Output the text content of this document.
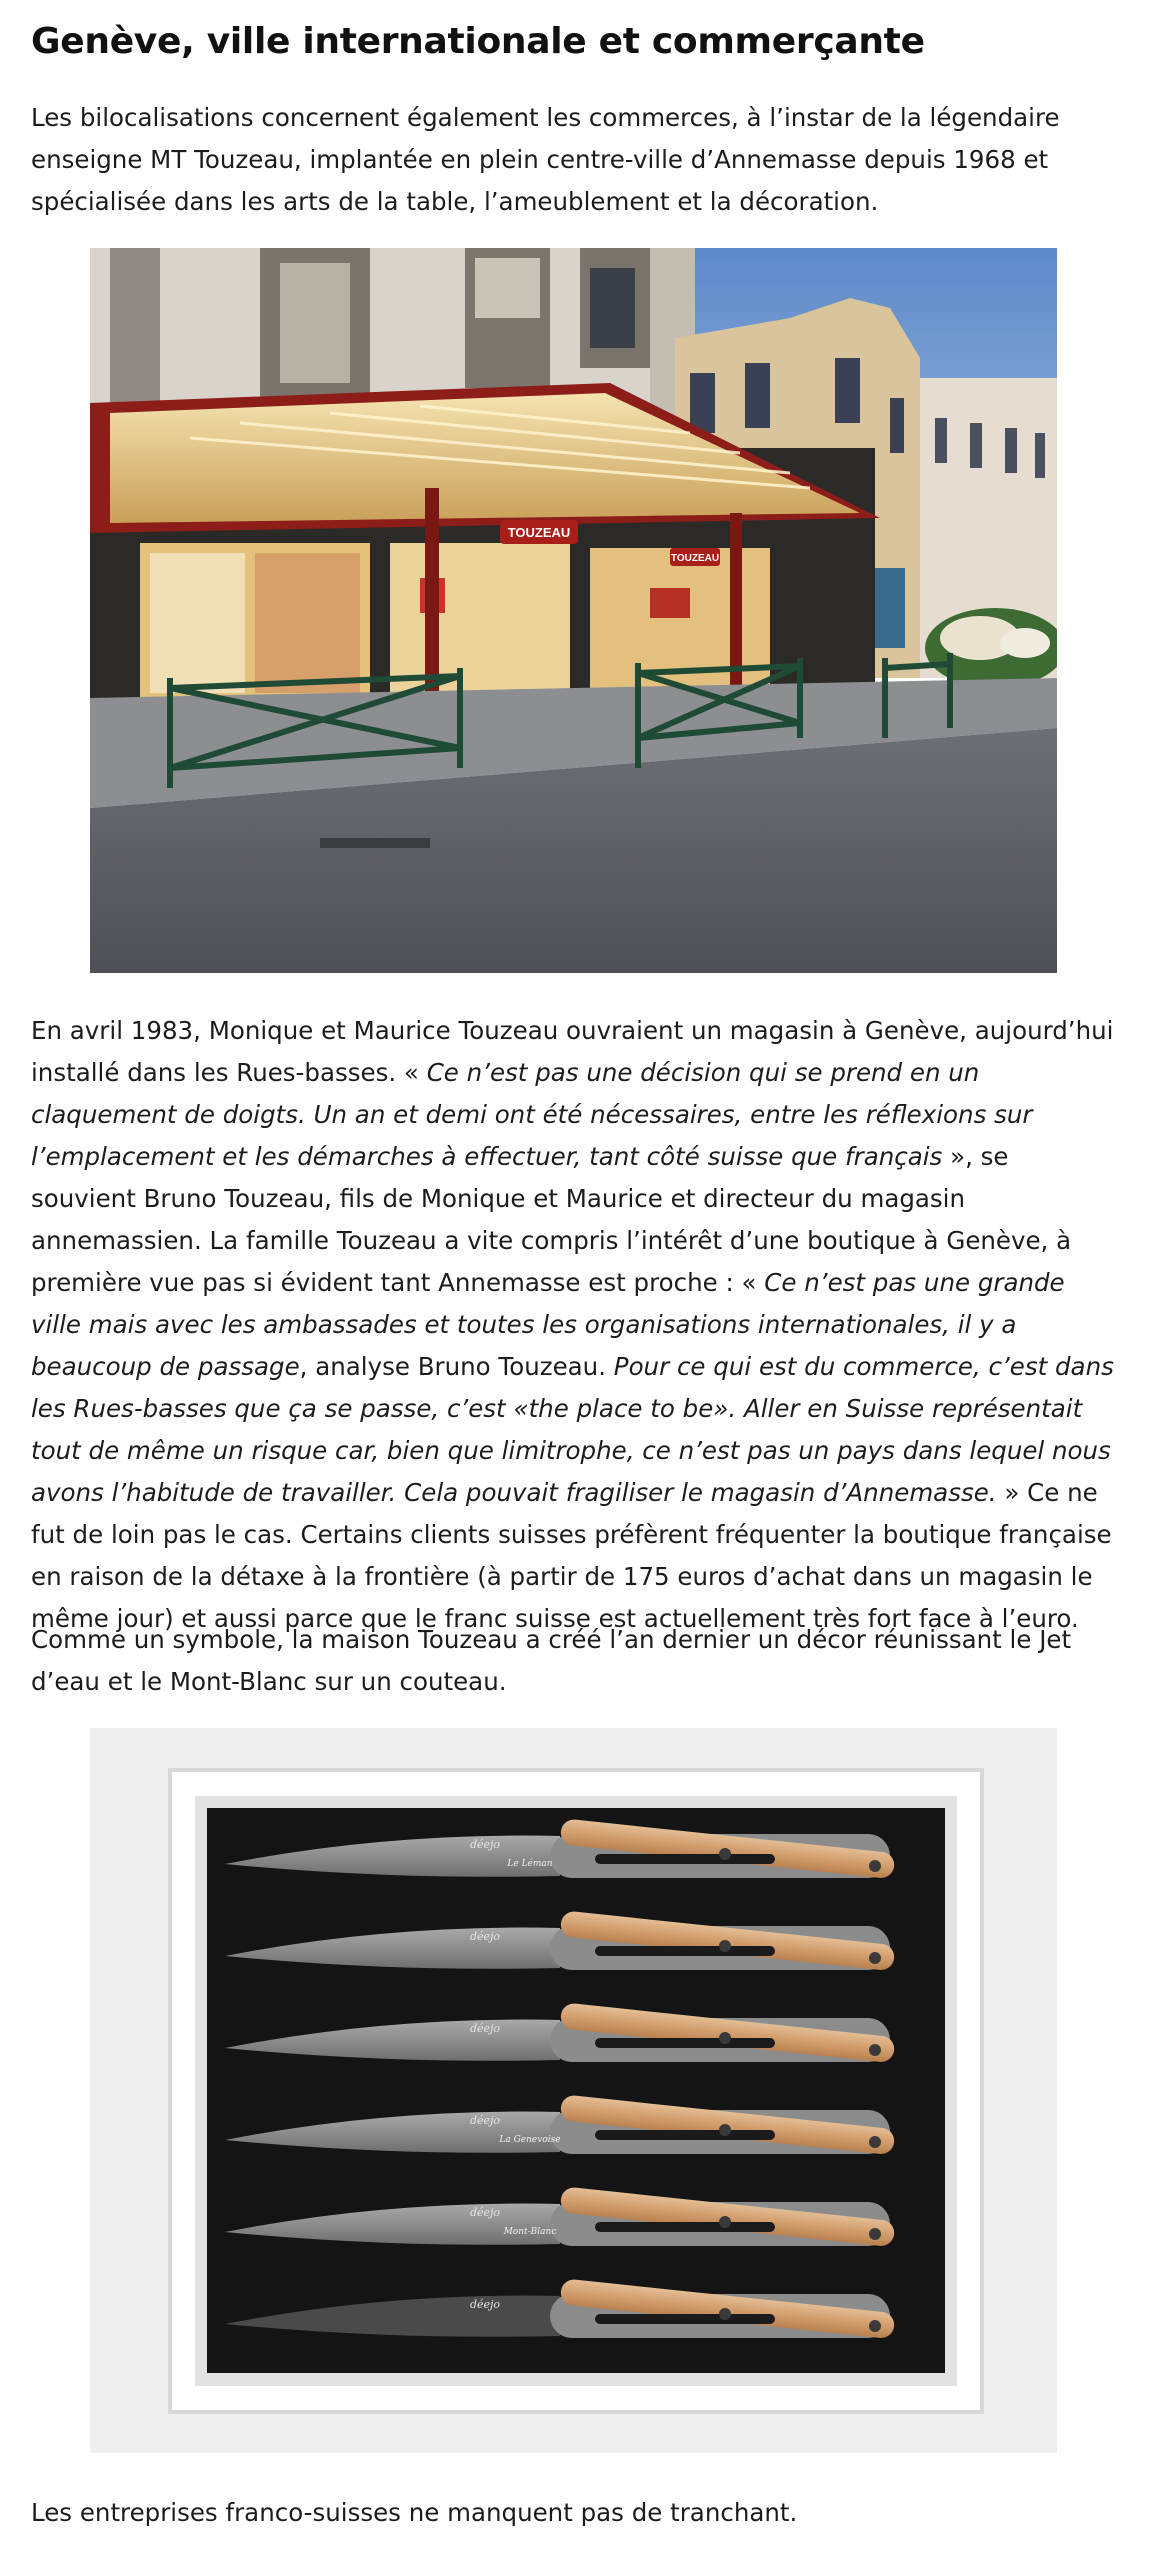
Genève, ville internationale et commerçante

Les bilocalisations concernent également les commerces, à l’instar de la légendaire enseigne MT Touzeau, implantée en plein centre-ville d’Annemasse depuis 1968 et spécialisée dans les arts de la table, l’ameublement et la décoration.

TOUZEAU
TOUZEAU

En avril 1983, Monique et Maurice Touzeau ouvraient un magasin à Genève, aujourd’hui installé dans les Rues-basses. « Ce n’est pas une décision qui se prend en un claquement de doigts. Un an et demi ont été nécessaires, entre les réflexions sur l’emplacement et les démarches à effectuer, tant côté suisse que français », se souvient Bruno Touzeau, fils de Monique et Maurice et directeur du magasin annemassien. La famille Touzeau a vite compris l’intérêt d’une boutique à Genève, à première vue pas si évident tant Annemasse est proche : « Ce n’est pas une grande ville mais avec les ambassades et toutes les organisations internationales, il y a beaucoup de passage, analyse Bruno Touzeau. Pour ce qui est du commerce, c’est dans les Rues-basses que ça se passe, c’est «the place to be». Aller en Suisse représentait tout de même un risque car, bien que limitrophe, ce n’est pas un pays dans lequel nous avons l’habitude de travailler. Cela pouvait fragiliser le magasin d’Annemasse. » Ce ne fut de loin pas le cas. Certains clients suisses préfèrent fréquenter la boutique française en raison de la détaxe à la frontière (à partir de 175 euros d’achat dans un magasin le même jour) et aussi parce que le franc suisse est actuellement très fort face à l’euro.

Comme un symbole, la maison Touzeau a créé l’an dernier un décor réunissant le Jet d’eau et le Mont-Blanc sur un couteau.

déejo
Le Léman
déejo
déejo
déejo
La Genevoise
déejo
Mont-Blanc
déejo

Les entreprises franco-suisses ne manquent pas de tranchant.
